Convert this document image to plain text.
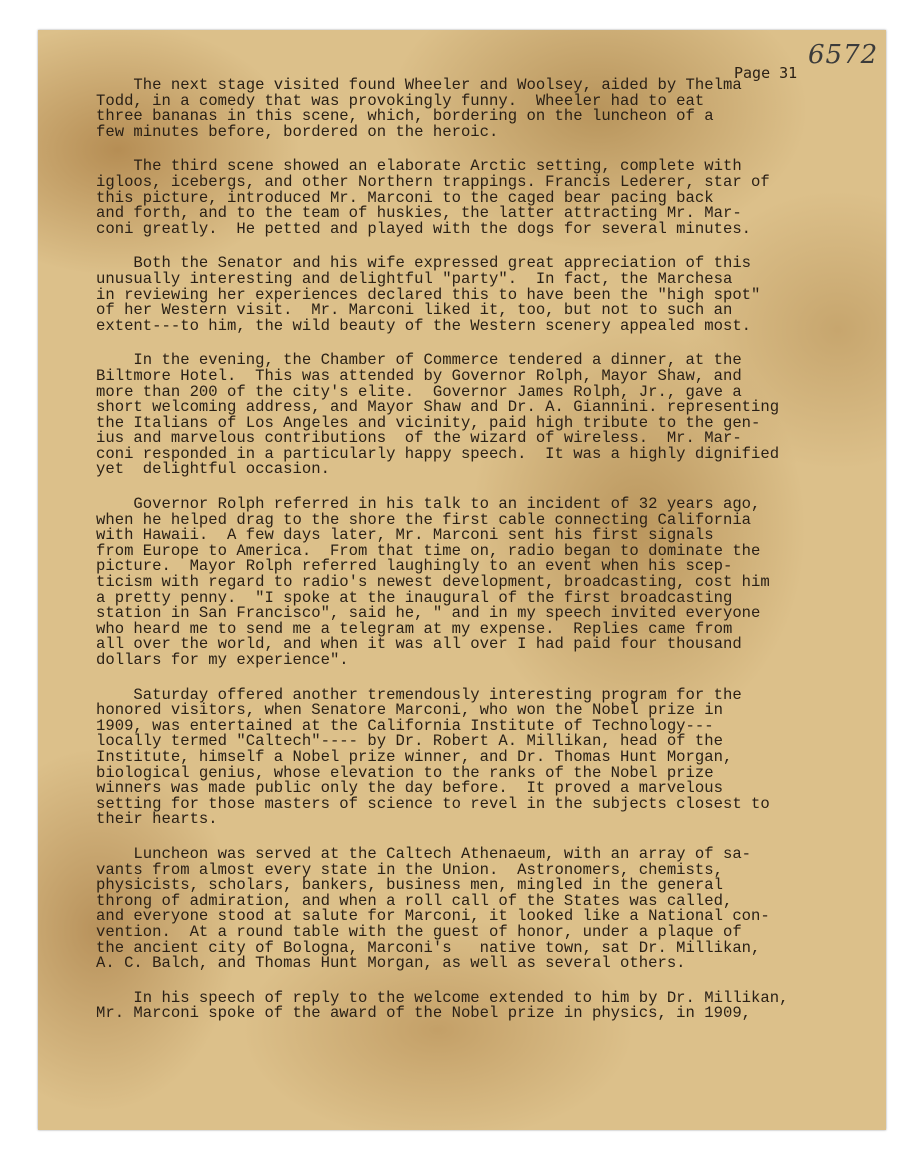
Page 31
6572
The next stage visited found Wheeler and Woolsey, aided by Thelma
Todd, in a comedy that was provokingly funny.  Wheeler had to eat
three bananas in this scene, which, bordering on the luncheon of a
few minutes before, bordered on the heroic.
The third scene showed an elaborate Arctic setting, complete with
igloos, icebergs, and other Northern trappings. Francis Lederer, star of
this picture, introduced Mr. Marconi to the caged bear pacing back
and forth, and to the team of huskies, the latter attracting Mr. Mar-
coni greatly.  He petted and played with the dogs for several minutes.
Both the Senator and his wife expressed great appreciation of this
unusually interesting and delightful "party".  In fact, the Marchesa
in reviewing her experiences declared this to have been the "high spot"
of her Western visit.  Mr. Marconi liked it, too, but not to such an
extent---to him, the wild beauty of the Western scenery appealed most.
In the evening, the Chamber of Commerce tendered a dinner, at the
Biltmore Hotel.  This was attended by Governor Rolph, Mayor Shaw, and
more than 200 of the city's elite.  Governor James Rolph, Jr., gave a
short welcoming address, and Mayor Shaw and Dr. A. Giannini. representing
the Italians of Los Angeles and vicinity, paid high tribute to the gen-
ius and marvelous contributions  of the wizard of wireless.  Mr. Mar-
coni responded in a particularly happy speech.  It was a highly dignified
yet  delightful occasion.
Governor Rolph referred in his talk to an incident of 32 years ago,
when he helped drag to the shore the first cable connecting California
with Hawaii.  A few days later, Mr. Marconi sent his first signals
from Europe to America.  From that time on, radio began to dominate the
picture.  Mayor Rolph referred laughingly to an event when his scep-
ticism with regard to radio's newest development, broadcasting, cost him
a pretty penny.  "I spoke at the inaugural of the first broadcasting
station in San Francisco", said he, " and in my speech invited everyone
who heard me to send me a telegram at my expense.  Replies came from
all over the world, and when it was all over I had paid four thousand
dollars for my experience".
Saturday offered another tremendously interesting program for the
honored visitors, when Senatore Marconi, who won the Nobel prize in
1909, was entertained at the California Institute of Technology---
locally termed "Caltech"---- by Dr. Robert A. Millikan, head of the
Institute, himself a Nobel prize winner, and Dr. Thomas Hunt Morgan,
biological genius, whose elevation to the ranks of the Nobel prize
winners was made public only the day before.  It proved a marvelous
setting for those masters of science to revel in the subjects closest to
their hearts.
Luncheon was served at the Caltech Athenaeum, with an array of sa-
vants from almost every state in the Union.  Astronomers, chemists,
physicists, scholars, bankers, business men, mingled in the general
throng of admiration, and when a roll call of the States was called,
and everyone stood at salute for Marconi, it looked like a National con-
vention.  At a round table with the guest of honor, under a plaque of
the ancient city of Bologna, Marconi's   native town, sat Dr. Millikan,
A. C. Balch, and Thomas Hunt Morgan, as well as several others.
In his speech of reply to the welcome extended to him by Dr. Millikan,
Mr. Marconi spoke of the award of the Nobel prize in physics, in 1909,
